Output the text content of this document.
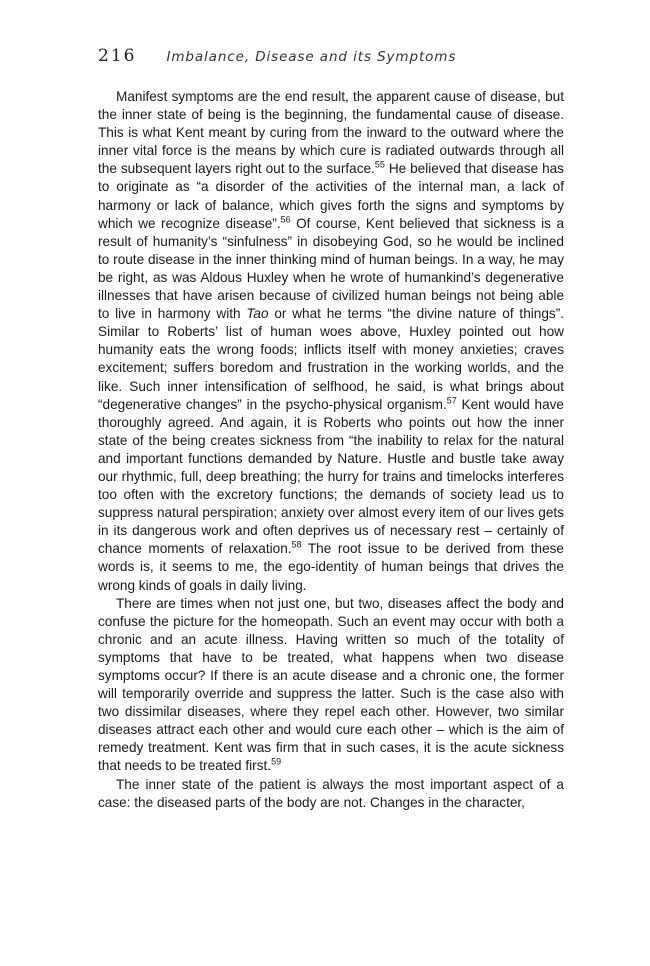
216 Imbalance, Disease and its Symptoms

Manifest symptoms are the end result, the apparent cause of disease, but the inner state of being is the beginning, the fundamental cause of disease. This is what Kent meant by curing from the inward to the outward where the inner vital force is the means by which cure is radiated outwards through all the subsequent layers right out to the surface.$^{55}$ He believed that disease has to originate as “a disorder of the activities of the internal man, a lack of harmony or lack of balance, which gives forth the signs and symptoms by which we recognize disease”.$^{56}$ Of course, Kent believed that sickness is a result of humanity’s “sinfulness” in disobeying God, so he would be inclined to route disease in the inner thinking mind of human beings. In a way, he may be right, as was Aldous Huxley when he wrote of humankind’s degenerative illnesses that have arisen because of civilized human beings not being able to live in harmony with Tao or what he terms “the divine nature of things”. Similar to Roberts’ list of human woes above, Huxley pointed out how humanity eats the wrong foods; inflicts itself with money anxieties; craves excitement; suffers boredom and frustration in the working worlds, and the like. Such inner intensification of selfhood, he said, is what brings about “degenerative changes” in the psycho-physical organism.$^{57}$ Kent would have thoroughly agreed. And again, it is Roberts who points out how the inner state of the being creates sickness from “the inability to relax for the natural and important functions demanded by Nature. Hustle and bustle take away our rhythmic, full, deep breathing; the hurry for trains and timelocks interferes too often with the excretory functions; the demands of society lead us to suppress natural perspiration; anxiety over almost every item of our lives gets in its dangerous work and often deprives us of necessary rest – certainly of chance moments of relaxation.$^{58}$ The root issue to be derived from these words is, it seems to me, the ego-identity of human beings that drives the wrong kinds of goals in daily living.

There are times when not just one, but two, diseases affect the body and confuse the picture for the homeopath. Such an event may occur with both a chronic and an acute illness. Having written so much of the totality of symptoms that have to be treated, what happens when two disease symptoms occur? If there is an acute disease and a chronic one, the former will temporarily override and suppress the latter. Such is the case also with two dissimilar diseases, where they repel each other. However, two similar diseases attract each other and would cure each other – which is the aim of remedy treatment. Kent was firm that in such cases, it is the acute sickness that needs to be treated first.$^{59}$

The inner state of the patient is always the most important aspect of a case: the diseased parts of the body are not. Changes in the character,
